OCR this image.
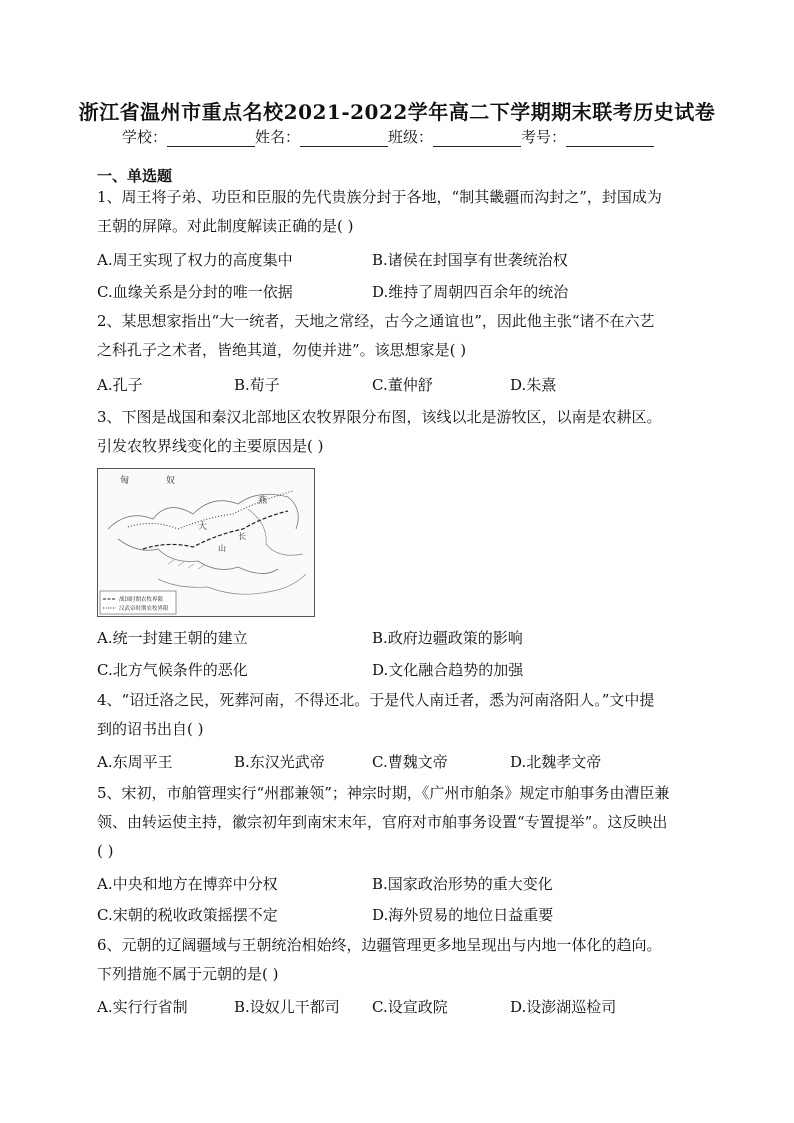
浙江省温州市重点名校2021-2022学年高二下学期期末联考历史试卷
学校：	姓名：	班级：	考号：
一、单选题
1、周王将子弟、功臣和臣服的先代贵族分封于各地，“制其畿疆而沟封之”，封国成为
王朝的屏障。对此制度解读正确的是( )
A.周王实现了权力的高度集中	B.诸侯在封国享有世袭统治权
C.血缘关系是分封的唯一依据	D.维持了周朝四百余年的统治
2、某思想家指出“大一统者，天地之常经，古今之通谊也”，因此他主张“诸不在六艺
之科孔子之术者，皆绝其道，勿使并进”。该思想家是( )
A.孔子	B.荀子	C.董仲舒	D.朱熹
3、下图是战国和秦汉北部地区农牧界限分布图，该线以北是游牧区，以南是农耕区。
引发农牧界线变化的主要原因是( )
匈	奴
燕
大
山
长
战国时期农牧界限
汉武帝时期农牧界限
A.统一封建王朝的建立	B.政府边疆政策的影响
C.北方气候条件的恶化	D.文化融合趋势的加强
4、“诏迁洛之民，死葬河南，不得还北。于是代人南迁者，悉为河南洛阳人。”文中提
到的诏书出自( )
A.东周平王	B.东汉光武帝	C.曹魏文帝	D.北魏孝文帝
5、宋初，市舶管理实行“州郡兼领”；神宗时期，《广州市舶条》规定市舶事务由漕臣兼
领、由转运使主持，徽宗初年到南宋末年，官府对市舶事务设置“专置提举”。这反映出
( )
A.中央和地方在博弈中分权	B.国家政治形势的重大变化
C.宋朝的税收政策摇摆不定	D.海外贸易的地位日益重要
6、元朝的辽阔疆域与王朝统治相始终，边疆管理更多地呈现出与内地一体化的趋向。
下列措施不属于元朝的是( )
A.实行行省制	B.设奴儿干都司 C.设宣政院	D.设澎湖巡检司
